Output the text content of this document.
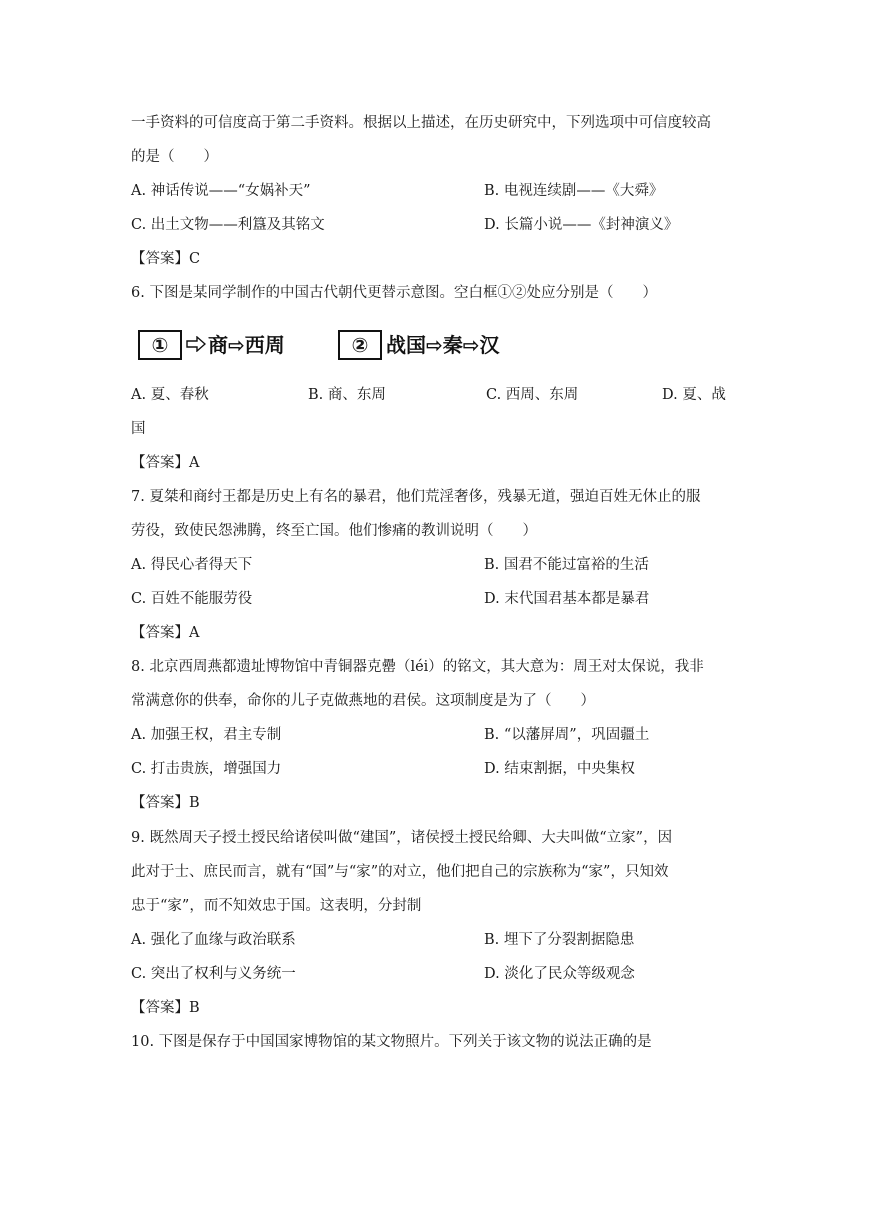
一手资料的可信度高于第二手资料。根据以上描述，在历史研究中，下列选项中可信度较高
的是（　　）
A. 神话传说——“女娲补天”	B. 电视连续剧——《大舜》
C. 出土文物——利簋及其铭文	D. 长篇小说——《封神演义》
【答案】C
6. 下图是某同学制作的中国古代朝代更替示意图。空白框①②处应分别是（　　）
①	商⇨西周	② 战国⇨秦⇨汉
A. 夏、春秋	B. 商、东周	C. 西周、东周	D. 夏、战
国
【答案】A
7. 夏桀和商纣王都是历史上有名的暴君，他们荒淫奢侈，残暴无道，强迫百姓无休止的服
劳役，致使民怨沸腾，终至亡国。他们惨痛的教训说明（　　）
A. 得民心者得天下	B. 国君不能过富裕的生活
C. 百姓不能服劳役	D. 末代国君基本都是暴君
【答案】A
8. 北京西周燕都遗址博物馆中青铜器克罍（léi）的铭文，其大意为：周王对太保说，我非
常满意你的供奉，命你的儿子克做燕地的君侯。这项制度是为了（　　）
A. 加强王权，君主专制	B. “以藩屏周”，巩固疆土
C. 打击贵族，增强国力	D. 结束割据，中央集权
【答案】B
9. 既然周天子授土授民给诸侯叫做“建国”，诸侯授土授民给卿、大夫叫做“立家”，因
此对于士、庶民而言，就有“国”与“家”的对立，他们把自己的宗族称为“家”，只知效
忠于“家”，而不知效忠于国。这表明，分封制
A. 强化了血缘与政治联系	B. 埋下了分裂割据隐患
C. 突出了权利与义务统一	D. 淡化了民众等级观念
【答案】B
10. 下图是保存于中国国家博物馆的某文物照片。下列关于该文物的说法正确的是
